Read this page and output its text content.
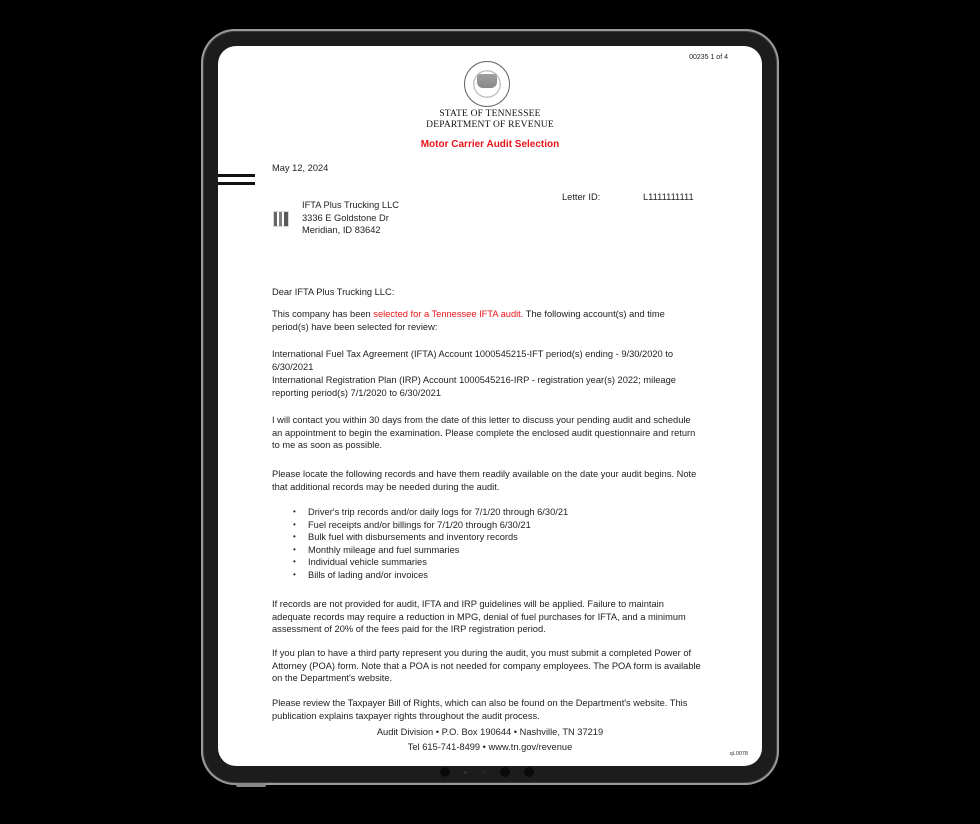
00235 1 of 4
STATE OF TENNESSEE
DEPARTMENT OF REVENUE
Motor Carrier Audit Selection
May 12, 2024
Letter ID:	L1111111111
IFTA Plus Trucking LLC
3336 E Goldstone Dr
Meridian, ID 83642
Dear IFTA Plus Trucking LLC:
This company has been selected for a Tennessee IFTA audit. The following account(s) and time period(s) have been selected for review:
International Fuel Tax Agreement (IFTA) Account 1000545215-IFT period(s) ending - 9/30/2020 to 6/30/2021
International Registration Plan (IRP) Account 1000545216-IRP - registration year(s) 2022; mileage reporting period(s) 7/1/2020 to 6/30/2021
I will contact you within 30 days from the date of this letter to discuss your pending audit and schedule an appointment to begin the examination. Please complete the enclosed audit questionnaire and return to me as soon as possible.
Please locate the following records and have them readily available on the date your audit begins. Note that additional records may be needed during the audit.
• Driver's trip records and/or daily logs for 7/1/20 through 6/30/21
• Fuel receipts and/or billings for 7/1/20 through 6/30/21
• Bulk fuel with disbursements and inventory records
• Monthly mileage and fuel summaries
• Individual vehicle summaries
• Bills of lading and/or invoices
If records are not provided for audit, IFTA and IRP guidelines will be applied. Failure to maintain adequate records may require a reduction in MPG, denial of fuel purchases for IFTA, and a minimum assessment of 20% of the fees paid for the IRP registration period.
If you plan to have a third party represent you during the audit, you must submit a completed Power of Attorney (POA) form. Note that a POA is not needed for company employees. The POA form is available on the Department's website.
Please review the Taxpayer Bill of Rights, which can also be found on the Department's website. This publication explains taxpayer rights throughout the audit process.
Audit Division • P.O. Box 190644 • Nashville, TN 37219
Tel 615-741-8499 • www.tn.gov/revenue
qL0078
